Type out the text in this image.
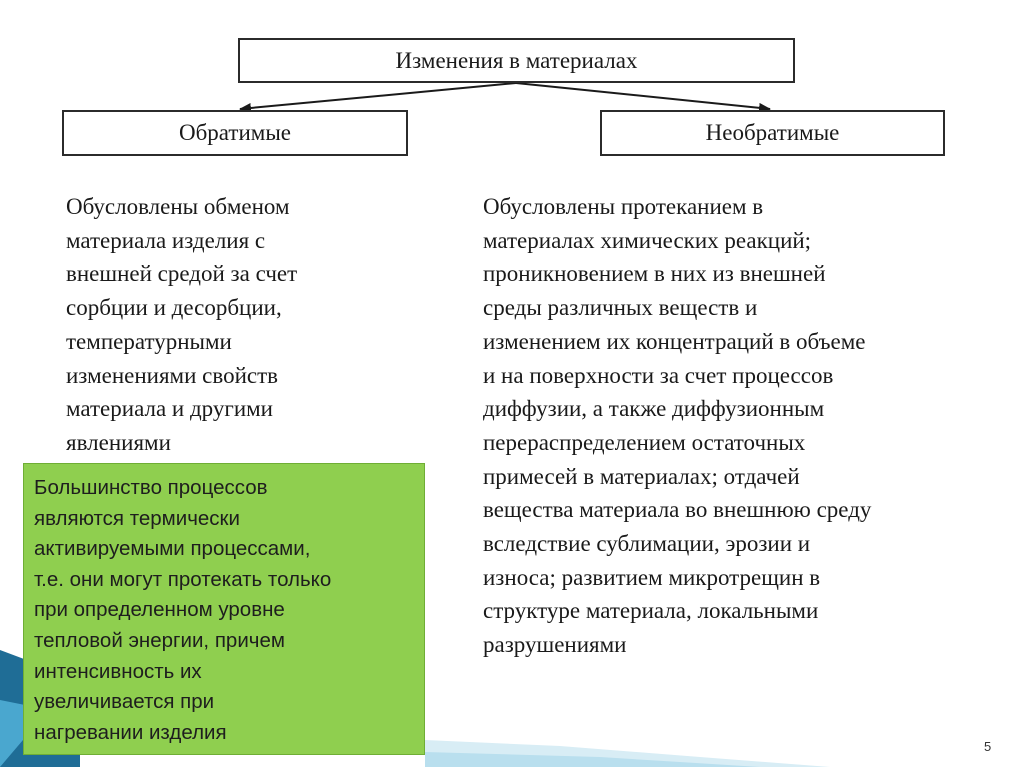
Изменения в материалах
Обратимые	Необратимые

Обусловлены обменом
материала изделия с
внешней средой за счет
сорбции и десорбции,
температурными
изменениями свойств
материала и другими
явлениями

Обусловлены протеканием в
материалах химических реакций;
проникновением в них из внешней
среды различных веществ и
изменением их концентраций в объеме
и на поверхности за счет процессов
диффузии, а также диффузионным
перераспределением остаточных
примесей в материалах; отдачей
вещества материала во внешнюю среду
вследствие сублимации, эрозии и
износа; развитием микротрещин в
структуре материала, локальными
разрушениями

Большинство процессов
являются термически
активируемыми процессами,
т.е. они могут протекать только
при определенном уровне
тепловой энергии, причем
интенсивность их
увеличивается при
нагревании изделия
5
